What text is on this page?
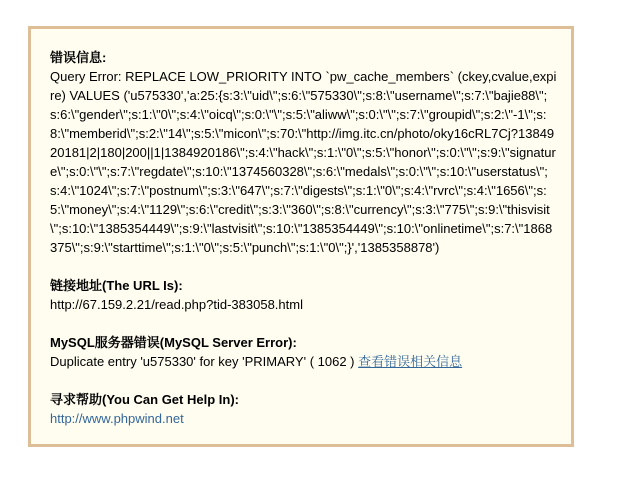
错误信息:
Query Error: REPLACE LOW_PRIORITY INTO `pw_cache_members` (ckey,cvalue,expire) VALUES ('u575330','a:25:{s:3:\"uid\";s:6:\"575330\";s:8:\"username\";s:7:\"bajie88\";s:6:\"gender\";s:1:\"0\";s:4:\"oicq\";s:0:\"\";s:5:\"aliww\";s:0:\"\";s:7:\"groupid\";s:2:\"-1\";s:8:\"memberid\";s:2:\"14\";s:5:\"micon\";s:70:\"http://img.itc.cn/photo/oky16cRL7Cj?1384920181|2|180|200||1|1384920186\";s:4:\"hack\";s:1:\"0\";s:5:\"honor\";s:0:\"\";s:9:\"signature\";s:0:\"\";s:7:\"regdate\";s:10:\"1374560328\";s:6:\"medals\";s:0:\"\";s:10:\"userstatus\";s:4:\"1024\";s:7:\"postnum\";s:3:\"647\";s:7:\"digests\";s:1:\"0\";s:4:\"rvrc\";s:4:\"1656\";s:5:\"money\";s:4:\"1129\";s:6:\"credit\";s:3:\"360\";s:8:\"currency\";s:3:\"775\";s:9:\"thisvisit\";s:10:\"1385354449\";s:9:\"lastvisit\";s:10:\"1385354449\";s:10:\"onlinetime\";s:7:\"1868375\";s:9:\"starttime\";s:1:\"0\";s:5:\"punch\";s:1:\"0\";}','1385358878')
链接地址(The URL Is):
http://67.159.2.21/read.php?tid-383058.html
MySQL服务器错误(MySQL Server Error):
Duplicate entry 'u575330' for key 'PRIMARY' ( 1062 ) 查看错误相关信息
寻求帮助(You Can Get Help In):
http://www.phpwind.net
